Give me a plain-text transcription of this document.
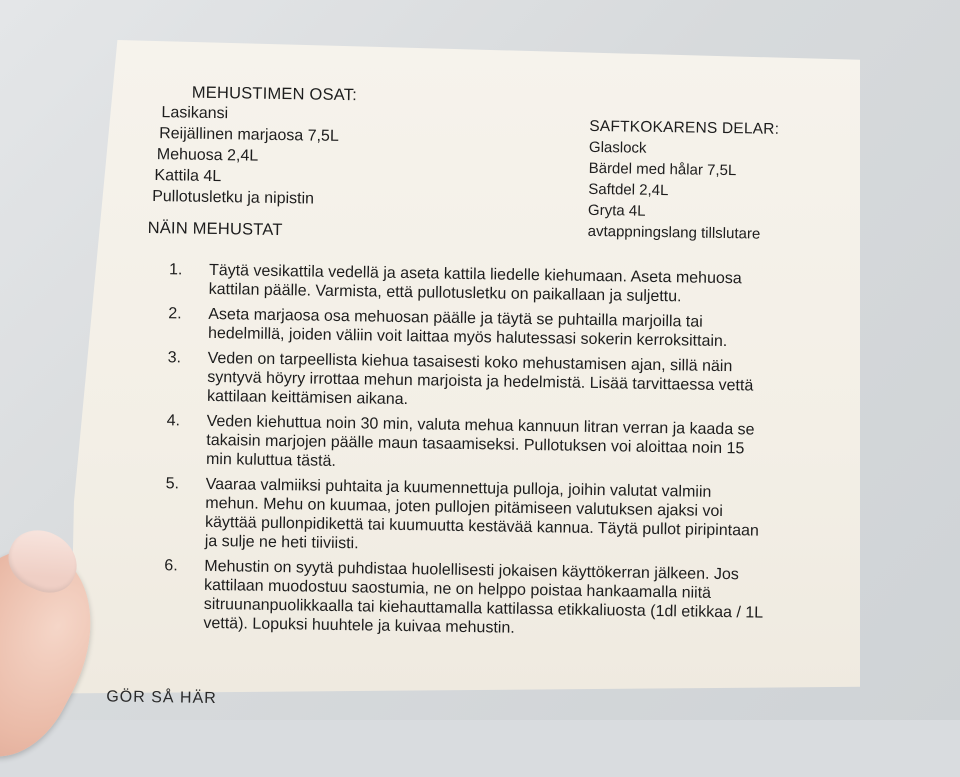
MEHUSTIMEN OSAT:

Lasikansi
Reijällinen marjaosa 7,5L
Mehuosa 2,4L
Kattila 4L
Pullotusletku ja nipistin

SAFTKOKARENS DELAR:

Glaslock
Bärdel med hålar 7,5L
Saftdel 2,4L
Gryta 4L
avtappningslang tillslutare

NÄIN MEHUSTAT

1. Täytä vesikattila vedellä ja aseta kattila liedelle kiehumaan. Aseta mehuosa kattilan päälle. Varmista, että pullotusletku on paikallaan ja suljettu.
2. Aseta marjaosa osa mehuosan päälle ja täytä se puhtailla marjoilla tai hedelmillä, joiden väliin voit laittaa myös halutessasi sokerin kerroksittain.
3. Veden on tarpeellista kiehua tasaisesti koko mehustamisen ajan, sillä näin syntyvä höyry irrottaa mehun marjoista ja hedelmistä. Lisää tarvittaessa vettä kattilaan keittämisen aikana.
4. Veden kiehuttua noin 30 min, valuta mehua kannuun litran verran ja kaada se takaisin marjojen päälle maun tasaamiseksi. Pullotuksen voi aloittaa noin 15 min kuluttua tästä.
5. Vaaraa valmiiksi puhtaita ja kuumennettuja pulloja, joihin valutat valmiin mehun. Mehu on kuumaa, joten pullojen pitämiseen valutuksen ajaksi voi käyttää pullonpidikettä tai kuumuutta kestävää kannua. Täytä pullot piripintaan ja sulje ne heti tiiviisti.
6. Mehustin on syytä puhdistaa huolellisesti jokaisen käyttökerran jälkeen. Jos kattilaan muodostuu saostumia, ne on helppo poistaa hankaamalla niitä sitruunanpuolikkaalla tai kiehauttamalla kattilassa etikkaliuosta (1dl etikkaa / 1L vettä). Lopuksi huuhtele ja kuivaa mehustin.
